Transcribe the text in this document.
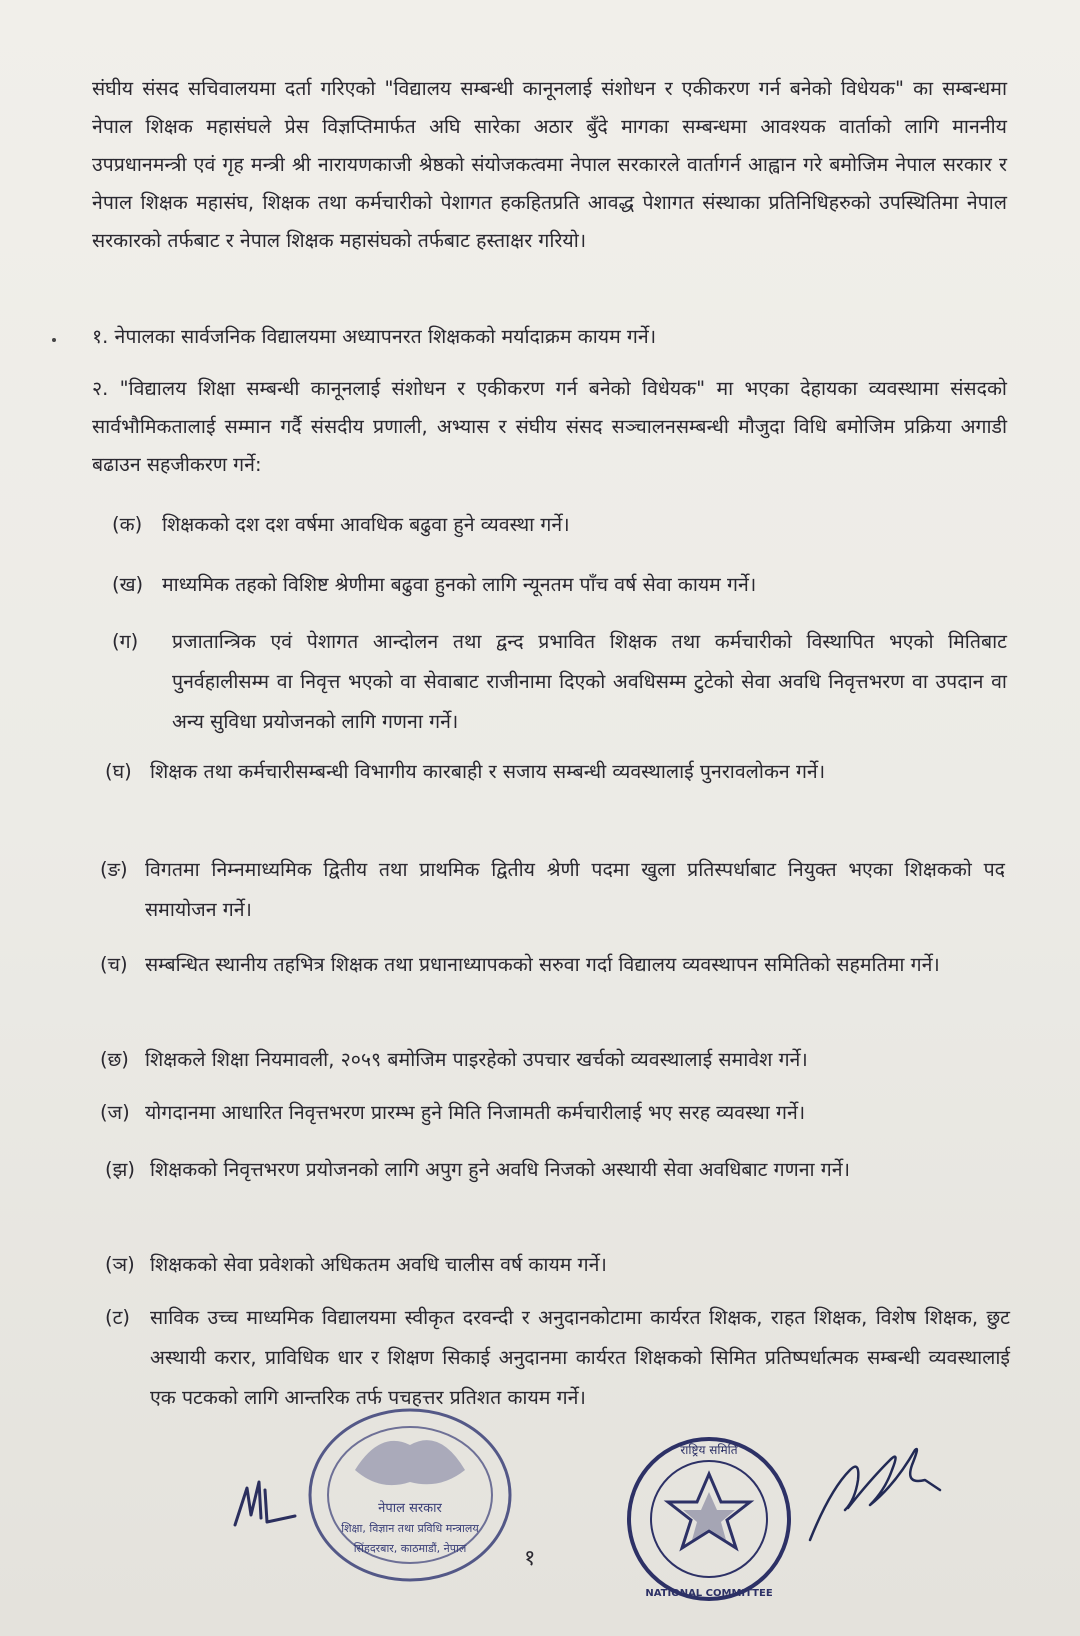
संघीय संसद सचिवालयमा दर्ता गरिएको "विद्यालय सम्बन्धी कानूनलाई संशोधन र एकीकरण गर्न बनेको विधेयक" का सम्बन्धमा नेपाल शिक्षक महासंघले प्रेस विज्ञप्तिमार्फत अघि सारेका अठार बुँदे मागका सम्बन्धमा आवश्यक वार्ताको लागि माननीय उपप्रधानमन्त्री एवं गृह मन्त्री श्री नारायणकाजी श्रेष्ठको संयोजकत्वमा नेपाल सरकारले वार्तागर्न आह्वान गरे बमोजिम नेपाल सरकार र नेपाल शिक्षक महासंघ, शिक्षक तथा कर्मचारीको पेशागत हकहितप्रति आवद्ध पेशागत संस्थाका प्रतिनिधिहरुको उपस्थितिमा नेपाल सरकारको तर्फबाट र नेपाल शिक्षक महासंघको तर्फबाट हस्ताक्षर गरियो।

१. नेपालका सार्वजनिक विद्यालयमा अध्यापनरत शिक्षकको मर्यादाक्रम कायम गर्ने।

२. "विद्यालय शिक्षा सम्बन्धी कानूनलाई संशोधन र एकीकरण गर्न बनेको विधेयक" मा भएका देहायका व्यवस्थामा संसदको सार्वभौमिकतालाई सम्मान गर्दै संसदीय प्रणाली, अभ्यास र संघीय संसद सञ्चालनसम्बन्धी मौजुदा विधि बमोजिम प्रक्रिया अगाडी बढाउन सहजीकरण गर्ने:

(क)	शिक्षकको दश दश वर्षमा आवधिक बढुवा हुने व्यवस्था गर्ने।
(ख) माध्यमिक तहको विशिष्ट श्रेणीमा बढुवा हुनको लागि न्यूनतम पाँच वर्ष सेवा कायम गर्ने।
(ग)	प्रजातान्त्रिक एवं पेशागत आन्दोलन तथा द्वन्द प्रभावित शिक्षक तथा कर्मचारीको विस्थापित भएको मितिबाट पुनर्वहालीसम्म वा निवृत्त भएको वा सेवाबाट राजीनामा दिएको अवधिसम्म टुटेको सेवा अवधि निवृत्तभरण वा उपदान वा अन्य सुविधा प्रयोजनको लागि गणना गर्ने।
(घ) शिक्षक तथा कर्मचारीसम्बन्धी विभागीय कारबाही र सजाय सम्बन्धी व्यवस्थालाई पुनरावलोकन गर्ने।
(ङ) विगतमा निम्नमाध्यमिक द्वितीय तथा प्राथमिक द्वितीय श्रेणी पदमा खुला प्रतिस्पर्धाबाट नियुक्त भएका शिक्षकको पद समायोजन गर्ने।
(च) सम्बन्धित स्थानीय तहभित्र शिक्षक तथा प्रधानाध्यापकको सरुवा गर्दा विद्यालय व्यवस्थापन समितिको सहमतिमा गर्ने।
(छ) शिक्षकले शिक्षा नियमावली, २०५९ बमोजिम पाइरहेको उपचार खर्चको व्यवस्थालाई समावेश गर्ने।
(ज) योगदानमा आधारित निवृत्तभरण प्रारम्भ हुने मिति निजामती कर्मचारीलाई भए सरह व्यवस्था गर्ने।
(झ) शिक्षकको निवृत्तभरण प्रयोजनको लागि अपुग हुने अवधि निजको अस्थायी सेवा अवधिबाट गणना गर्ने।
(ञ) शिक्षकको सेवा प्रवेशको अधिकतम अवधि चालीस वर्ष कायम गर्ने।
(ट)	साविक उच्च माध्यमिक विद्यालयमा स्वीकृत दरवन्दी र अनुदानकोटामा कार्यरत शिक्षक, राहत शिक्षक, विशेष शिक्षक, छुट अस्थायी करार, प्राविधिक धार र शिक्षण सिकाई अनुदानमा कार्यरत शिक्षकको सिमित प्रतिष्पर्धात्मक सम्बन्धी व्यवस्थालाई एक पटकको लागि आन्तरिक तर्फ पचहत्तर प्रतिशत कायम गर्ने।
नेपाल सरकार
शिक्षा, विज्ञान तथा प्रविधि मन्त्रालय
सिंहदरबार, काठमाडौं, नेपाल	१
राष्ट्रिय समिति
NATIONAL COMMITTEE
